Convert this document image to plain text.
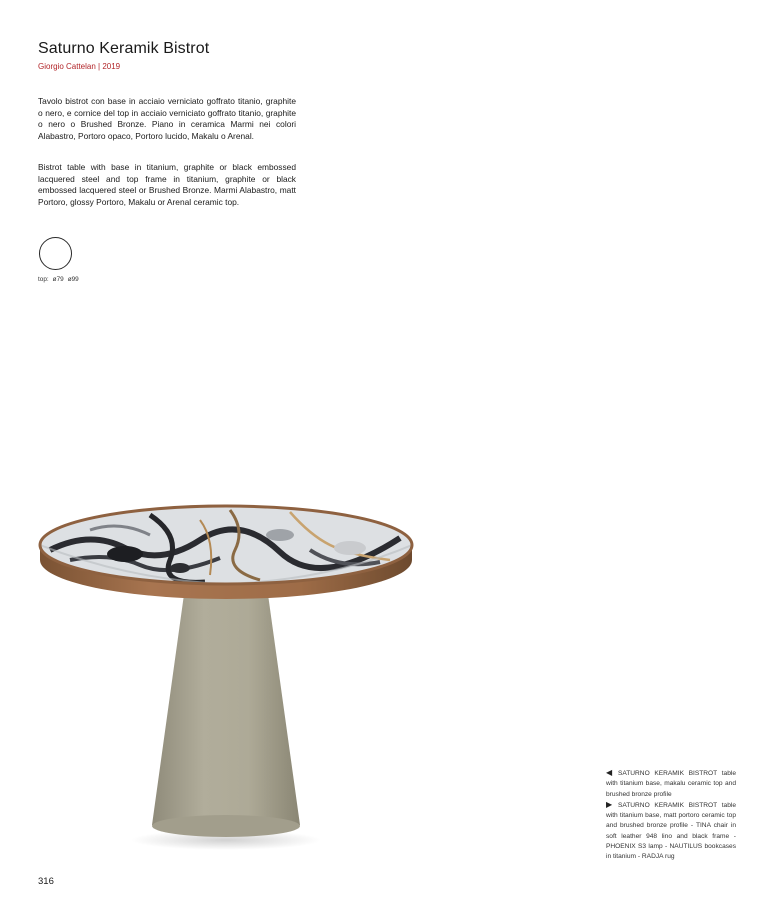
Saturno Keramik Bistrot
Giorgio Cattelan | 2019

Tavolo bistrot con base in acciaio verniciato goffrato titanio, graphite o nero, e cornice del top in acciaio verniciato goffrato titanio, graphite o nero o Brushed Bronze. Piano in ceramica Marmi nei colori Alabastro, Portoro opaco, Portoro lucido, Makalu o Arenal.

Bistrot table with base in titanium, graphite or black embossed lacquered steel and top frame in titanium, graphite or black embossed lacquered steel or Brushed Bronze. Marmi Alabastro, matt Portoro, glossy Portoro, Makalu or Arenal ceramic top.

top: ø79 ø99

◀ SATURNO KERAMIK BISTROT table with titanium base, makalu ceramic top and brushed bronze profile

▶ SATURNO KERAMIK BISTROT table with titanium base, matt portoro ceramic top and brushed bronze profile - TINA chair in soft leather 948 lino and black frame - PHOENIX S3 lamp - NAUTILUS bookcases in titanium - RADJA rug

316
